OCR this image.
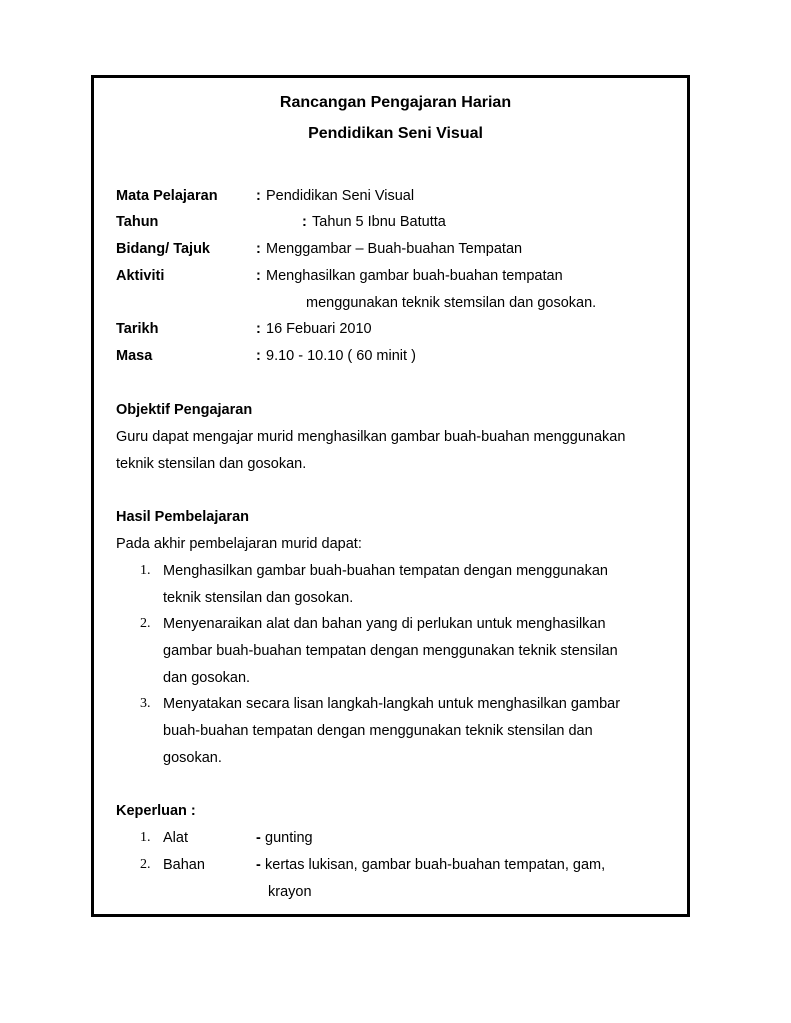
Rancangan Pengajaran Harian
Pendidikan Seni Visual
Mata Pelajaran	: Pendidikan Seni Visual
Tahun	: Tahun 5 Ibnu Batutta
Bidang/ Tajuk	: Menggambar – Buah-buahan Tempatan
Aktiviti	: Menghasilkan gambar buah-buahan tempatan
menggunakan teknik stemsilan dan gosokan.
Tarikh	: 16 Febuari 2010
Masa	: 9.10 - 10.10 ( 60 minit )
Objektif Pengajaran
Guru dapat mengajar murid menghasilkan gambar buah-buahan menggunakan
teknik stensilan dan gosokan.
Hasil Pembelajaran
Pada akhir pembelajaran murid dapat:
1. Menghasilkan gambar buah-buahan tempatan dengan menggunakan
teknik stensilan dan gosokan.
2. Menyenaraikan alat dan bahan yang di perlukan untuk menghasilkan
gambar buah-buahan tempatan dengan menggunakan teknik stensilan
dan gosokan.
3. Menyatakan secara lisan langkah-langkah untuk menghasilkan gambar
buah-buahan tempatan dengan menggunakan teknik stensilan dan
gosokan.
Keperluan :
1. Alat	- gunting
2. Bahan	- kertas lukisan, gambar buah-buahan tempatan, gam,
krayon
